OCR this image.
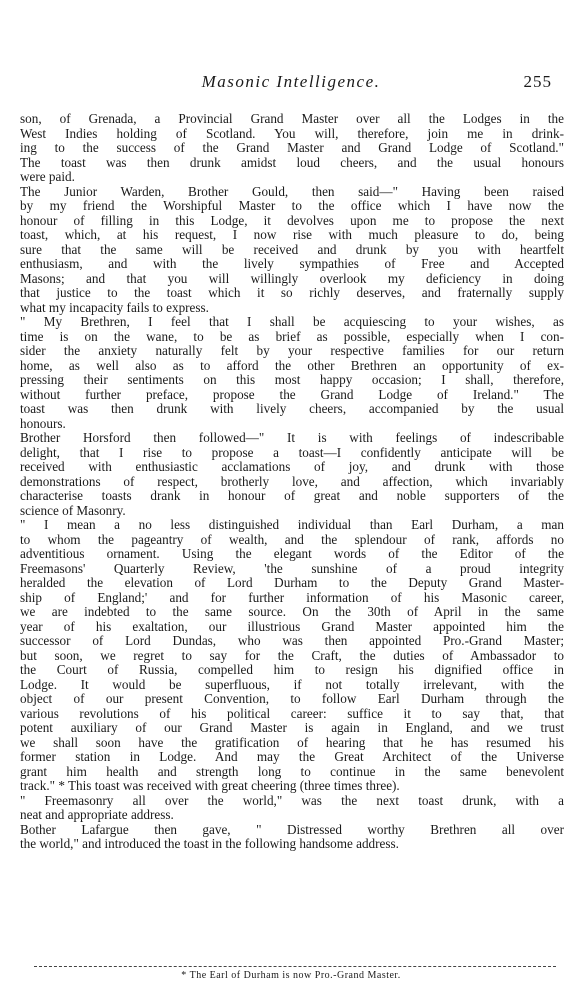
Masonic Intelligence.	255
son, of Grenada, a Provincial Grand Master over all the Lodges in the
West Indies holding of Scotland. You will, therefore, join me in drink-
ing to the success of the Grand Master and Grand Lodge of Scotland."
The toast was then drunk amidst loud cheers, and the usual honours
were paid.
The Junior Warden, Brother Gould, then said—" Having been raised
by my friend the Worshipful Master to the office which I have now the
honour of filling in this Lodge, it devolves upon me to propose the next
toast, which, at his request, I now rise with much pleasure to do, being
sure that the same will be received and drunk by you with heartfelt
enthusiasm, and with the lively sympathies of Free and Accepted
Masons; and that you will willingly overlook my deficiency in doing
that justice to the toast which it so richly deserves, and fraternally supply
what my incapacity fails to express.
" My Brethren, I feel that I shall be acquiescing to your wishes, as
time is on the wane, to be as brief as possible, especially when I con-
sider the anxiety naturally felt by your respective families for our return
home, as well also as to afford the other Brethren an opportunity of ex-
pressing their sentiments on this most happy occasion; I shall, therefore,
without further preface, propose the Grand Lodge of Ireland." The
toast was then drunk with lively cheers, accompanied by the usual
honours.
Brother Horsford then followed—" It is with feelings of indescribable
delight, that I rise to propose a toast—I confidently anticipate will be
received with enthusiastic acclamations of joy, and drunk with those
demonstrations of respect, brotherly love, and affection, which invariably
characterise toasts drank in honour of great and noble supporters of the
science of Masonry.
" I mean a no less distinguished individual than Earl Durham, a man
to whom the pageantry of wealth, and the splendour of rank, affords no
adventitious ornament. Using the elegant words of the Editor of the
Freemasons' Quarterly Review, 'the sunshine of a proud integrity
heralded the elevation of Lord Durham to the Deputy Grand Master-
ship of England;' and for further information of his Masonic career,
we are indebted to the same source. On the 30th of April in the same
year of his exaltation, our illustrious Grand Master appointed him the
successor of Lord Dundas, who was then appointed Pro.-Grand Master;
but soon, we regret to say for the Craft, the duties of Ambassador to
the Court of Russia, compelled him to resign his dignified office in
Lodge. It would be superfluous, if not totally irrelevant, with the
object of our present Convention, to follow Earl Durham through the
various revolutions of his political career: suffice it to say that, that
potent auxiliary of our Grand Master is again in England, and we trust
we shall soon have the gratification of hearing that he has resumed his
former station in Lodge. And may the Great Architect of the Universe
grant him health and strength long to continue in the same benevolent
track." * This toast was received with great cheering (three times three).
" Freemasonry all over the world," was the next toast drunk, with a
neat and appropriate address.
Bother Lafargue then gave, " Distressed worthy Brethren all over
the world," and introduced the toast in the following handsome address.
* The Earl of Durham is now Pro.-Grand Master.
